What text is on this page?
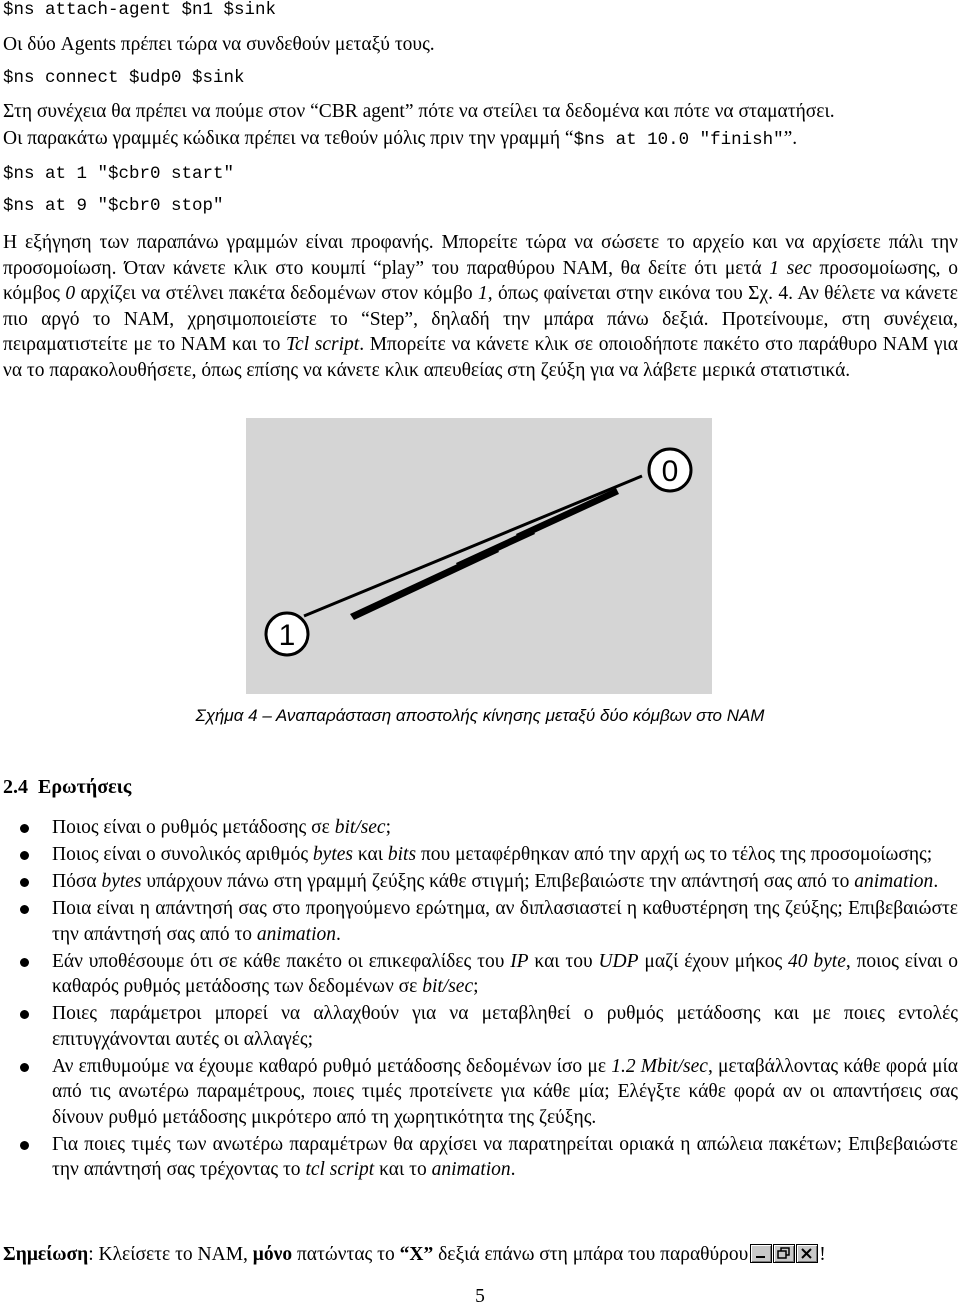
$ns attach-agent $n1 $sink
Οι δύο Agents πρέπει τώρα να συνδεθούν μεταξύ τους.
$ns connect $udp0 $sink
Στη συνέχεια θα πρέπει να πούμε στον “CBR agent” πότε να στείλει τα δεδομένα και πότε να σταματήσει.
Οι παρακάτω γραμμές κώδικα πρέπει να τεθούν μόλις πριν την γραμμή “$ns at 10.0 "finish"”.
$ns at 1 "$cbr0 start"
$ns at 9 "$cbr0 stop"
Η εξήγηση των παραπάνω γραμμών είναι προφανής. Μπορείτε τώρα να σώσετε το αρχείο και να αρχίσετε πάλι την προσομοίωση. Όταν κάνετε κλικ στο κουμπί “play” του παραθύρου ΝΑΜ, θα δείτε ότι μετά 1 sec προσομοίωσης, ο κόμβος 0 αρχίζει να στέλνει πακέτα δεδομένων στον κόμβο 1, όπως φαίνεται στην εικόνα του Σχ. 4. Αν θέλετε να κάνετε πιο αργό το ΝΑΜ, χρησιμοποιείστε το “Step”, δηλαδή την μπάρα πάνω δεξιά. Προτείνουμε, στη συνέχεια, πειραματιστείτε με το ΝΑΜ και το Tcl script. Μπορείτε να κάνετε κλικ σε οποιοδήποτε πακέτο στο παράθυρο ΝΑΜ για να το παρακολουθήσετε, όπως επίσης να κάνετε κλικ απευθείας στη ζεύξη για να λάβετε μερικά στατιστικά.
0
1
Σχήμα 4 – Αναπαράσταση αποστολής κίνησης μεταξύ δύο κόμβων στο ΝΑΜ
2.4 Ερωτήσεις
Ποιος είναι ο ρυθμός μετάδοσης σε bit/sec;
Ποιος είναι ο συνολικός αριθμός bytes και bits που μεταφέρθηκαν από την αρχή ως το τέλος της προσομοίωσης;
Πόσα bytes υπάρχουν πάνω στη γραμμή ζεύξης κάθε στιγμή; Επιβεβαιώστε την απάντησή σας από το animation.
Ποια είναι η απάντησή σας στο προηγούμενο ερώτημα, αν διπλασιαστεί η καθυστέρηση της ζεύξης; Επιβεβαιώστε την απάντησή σας από το animation.
Εάν υποθέσουμε ότι σε κάθε πακέτο οι επικεφαλίδες του IP και του UDP μαζί έχουν μήκος 40 byte, ποιος είναι ο καθαρός ρυθμός μετάδοσης των δεδομένων σε bit/sec;
Ποιες παράμετροι μπορεί να αλλαχθούν για να μεταβληθεί ο ρυθμός μετάδοσης και με ποιες εντολές επιτυγχάνονται αυτές οι αλλαγές;
Αν επιθυμούμε να έχουμε καθαρό ρυθμό μετάδοσης δεδομένων ίσο με 1.2 Mbit/sec, μεταβάλλοντας κάθε φορά μία από τις ανωτέρω παραμέτρους, ποιες τιμές προτείνετε για κάθε μία; Ελέγξτε κάθε φορά αν οι απαντήσεις σας δίνουν ρυθμό μετάδοσης μικρότερο από τη χωρητικότητα της ζεύξης.
Για ποιες τιμές των ανωτέρω παραμέτρων θα αρχίσει να παρατηρείται οριακά η απώλεια πακέτων; Επιβεβαιώστε την απάντησή σας τρέχοντας το tcl script και το animation.
Σημείωση: Κλείσετε το ΝΑΜ, μόνο πατώντας το “Χ” δεξιά επάνω στη μπάρα του παραθύρου	!
5
